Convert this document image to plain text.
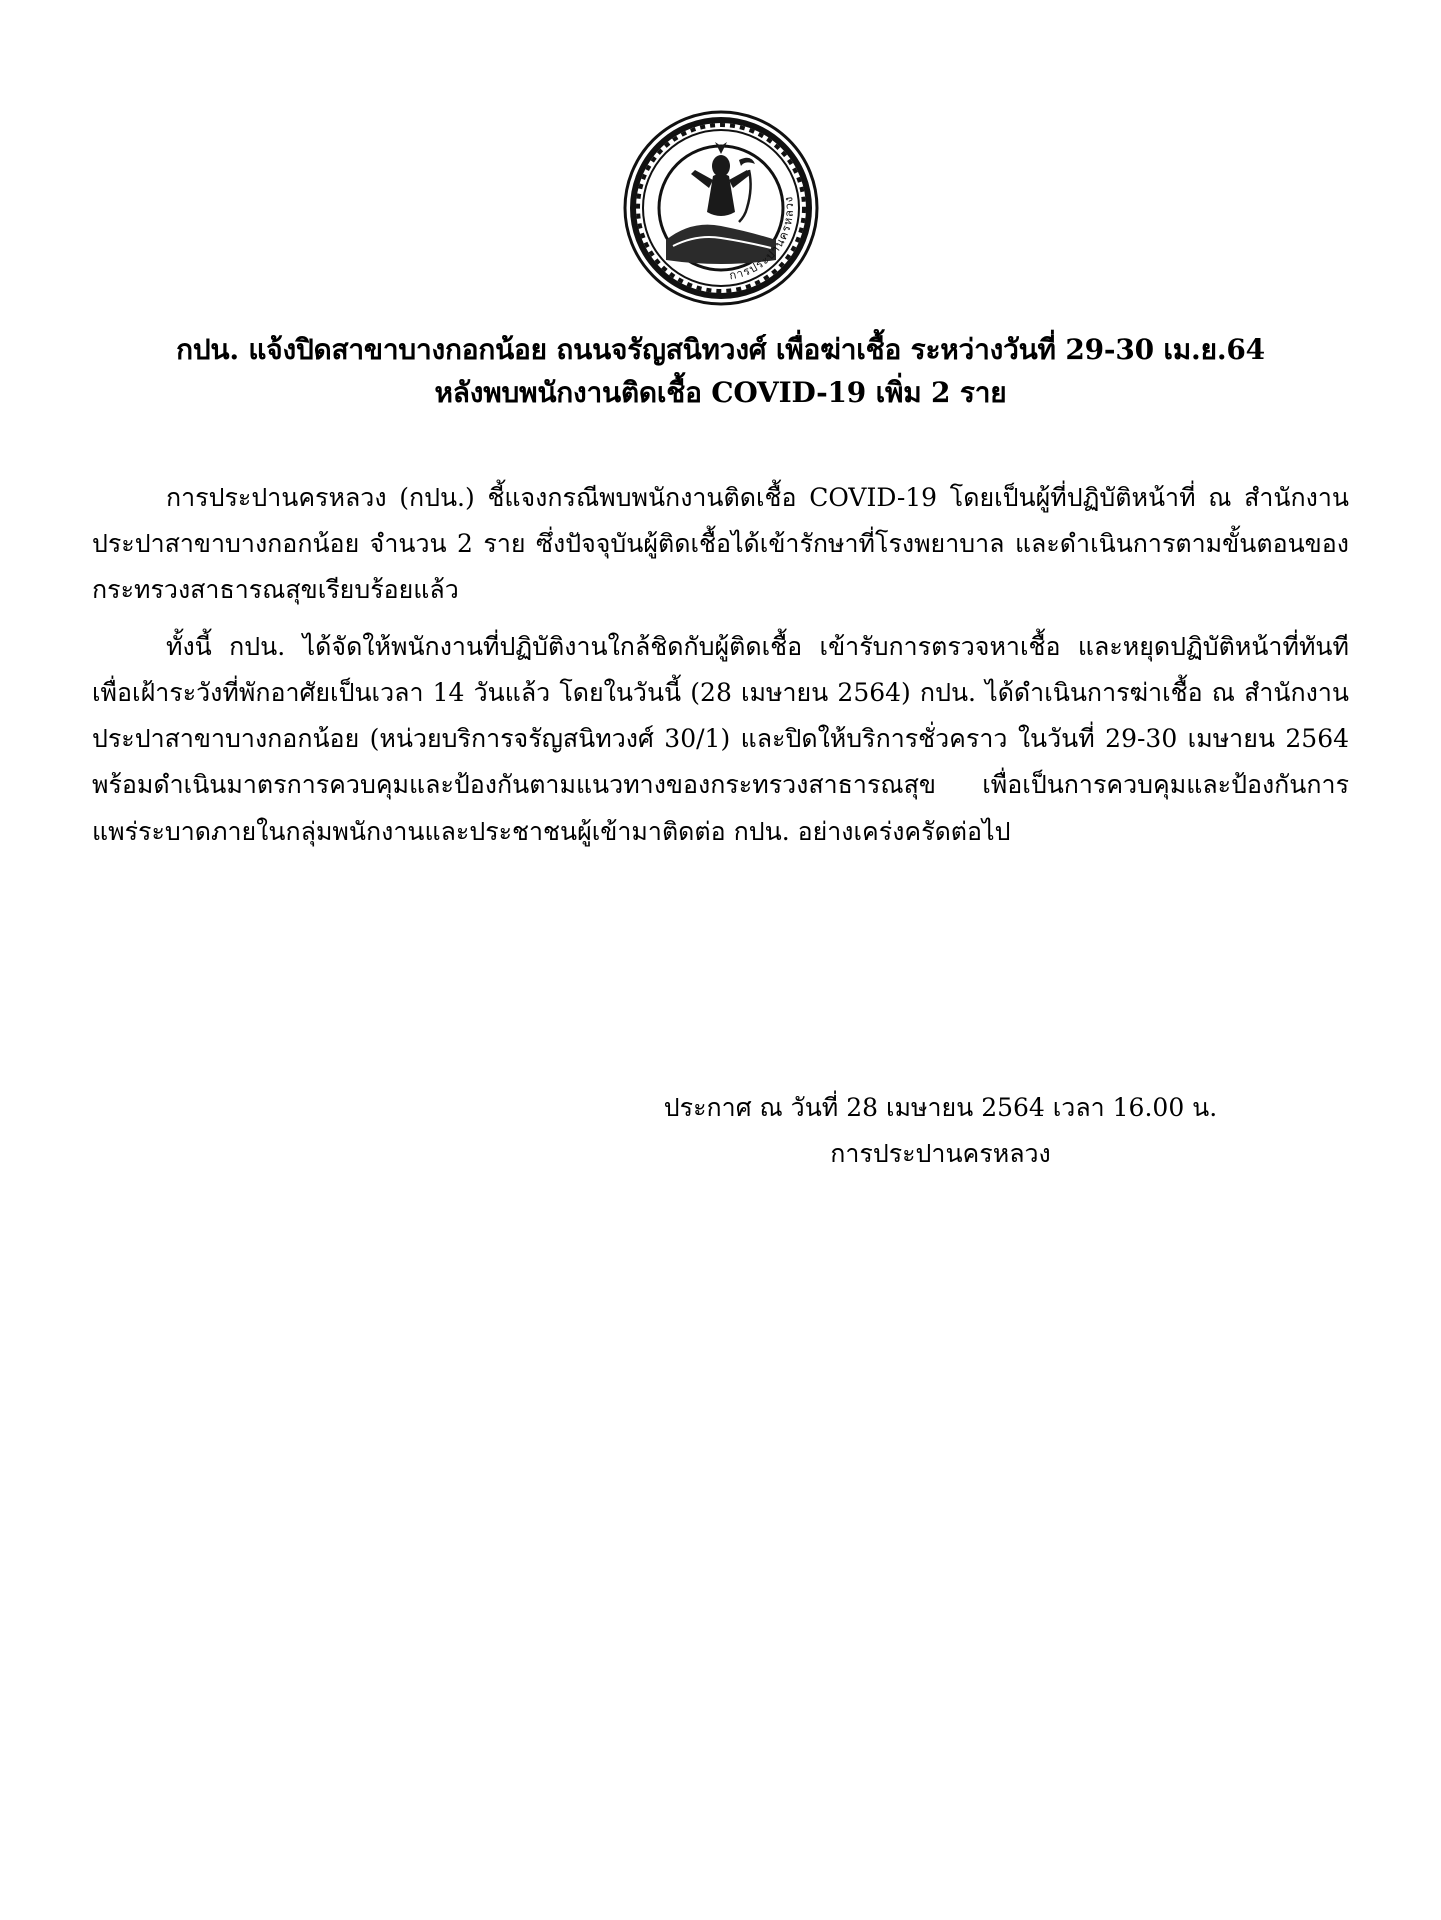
การประปานครหลวง
กปน. แจ้งปิดสาขาบางกอกน้อย ถนนจรัญสนิทวงศ์ เพื่อฆ่าเชื้อ ระหว่างวันที่ 29-30 เม.ย.64
หลังพบพนักงานติดเชื้อ COVID-19 เพิ่ม 2 ราย

การประปานครหลวง (กปน.) ชี้แจงกรณีพบพนักงานติดเชื้อ COVID-19 โดยเป็นผู้ที่ปฏิบัติหน้าที่ ณ สำนักงานประปาสาขาบางกอกน้อย จำนวน 2 ราย ซึ่งปัจจุบันผู้ติดเชื้อได้เข้ารักษาที่โรงพยาบาล และดำเนินการตามขั้นตอนของกระทรวงสาธารณสุขเรียบร้อยแล้ว

ทั้งนี้ กปน. ได้จัดให้พนักงานที่ปฏิบัติงานใกล้ชิดกับผู้ติดเชื้อ เข้ารับการตรวจหาเชื้อ และหยุดปฏิบัติหน้าที่ทันที เพื่อเฝ้าระวังที่พักอาศัยเป็นเวลา 14 วันแล้ว โดยในวันนี้ (28 เมษายน 2564) กปน. ได้ดำเนินการฆ่าเชื้อ ณ สำนักงานประปาสาขาบางกอกน้อย (หน่วยบริการจรัญสนิทวงศ์ 30/1) และปิดให้บริการชั่วคราว ในวันที่ 29-30 เมษายน 2564 พร้อมดำเนินมาตรการควบคุมและป้องกันตามแนวทางของกระทรวงสาธารณสุข เพื่อเป็นการควบคุมและป้องกันการแพร่ระบาดภายในกลุ่มพนักงานและประชาชนผู้เข้ามาติดต่อ กปน. อย่างเคร่งครัดต่อไป

ประกาศ ณ วันที่ 28 เมษายน 2564 เวลา 16.00 น.
การประปานครหลวง
